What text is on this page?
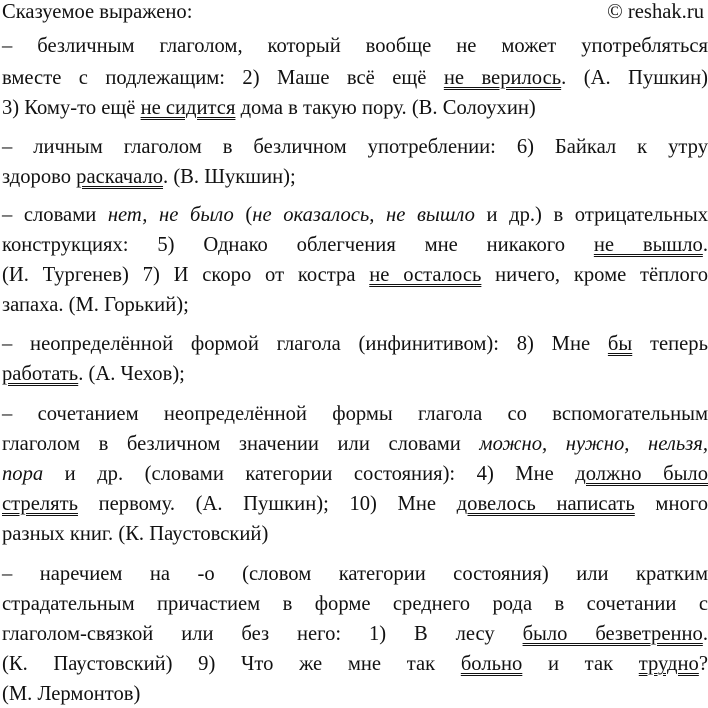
Сказуемое выражено:	© reshak.ru
– безличным глаголом, который вообще не может употребляться
вместе с подлежащим: 2) Маше всё ещё не верилось. (А. Пушкин)
3) Кому-то ещё не сидится дома в такую пору. (В. Солоухин)
– личным глаголом в безличном употреблении: 6) Байкал к утру
здорово раскачало. (В. Шукшин);
– словами нет, не было (не оказалось, не вышло и др.) в отрицательных
конструкциях: 5) Однако облегчения мне никакого не вышло.
(И. Тургенев) 7) И скоро от костра не осталось ничего, кроме тёплого
запаха. (М. Горький);
– неопределённой формой глагола (инфинитивом): 8) Мне бы теперь
работать. (А. Чехов);
– сочетанием неопределённой формы глагола со вспомогательным
глаголом в безличном значении или словами можно, нужно, нельзя,
пора и др. (словами категории состояния): 4) Мне должно было
стрелять первому. (А. Пушкин); 10) Мне довелось написать много
разных книг. (К. Паустовский)
– наречием на -о (словом категории состояния) или кратким
страдательным причастием в форме среднего рода в сочетании с
глаголом-связкой или без него: 1) В лесу было безветренно.
(К. Паустовский) 9) Что же мне так больно и так трудно?
(М. Лермонтов)
